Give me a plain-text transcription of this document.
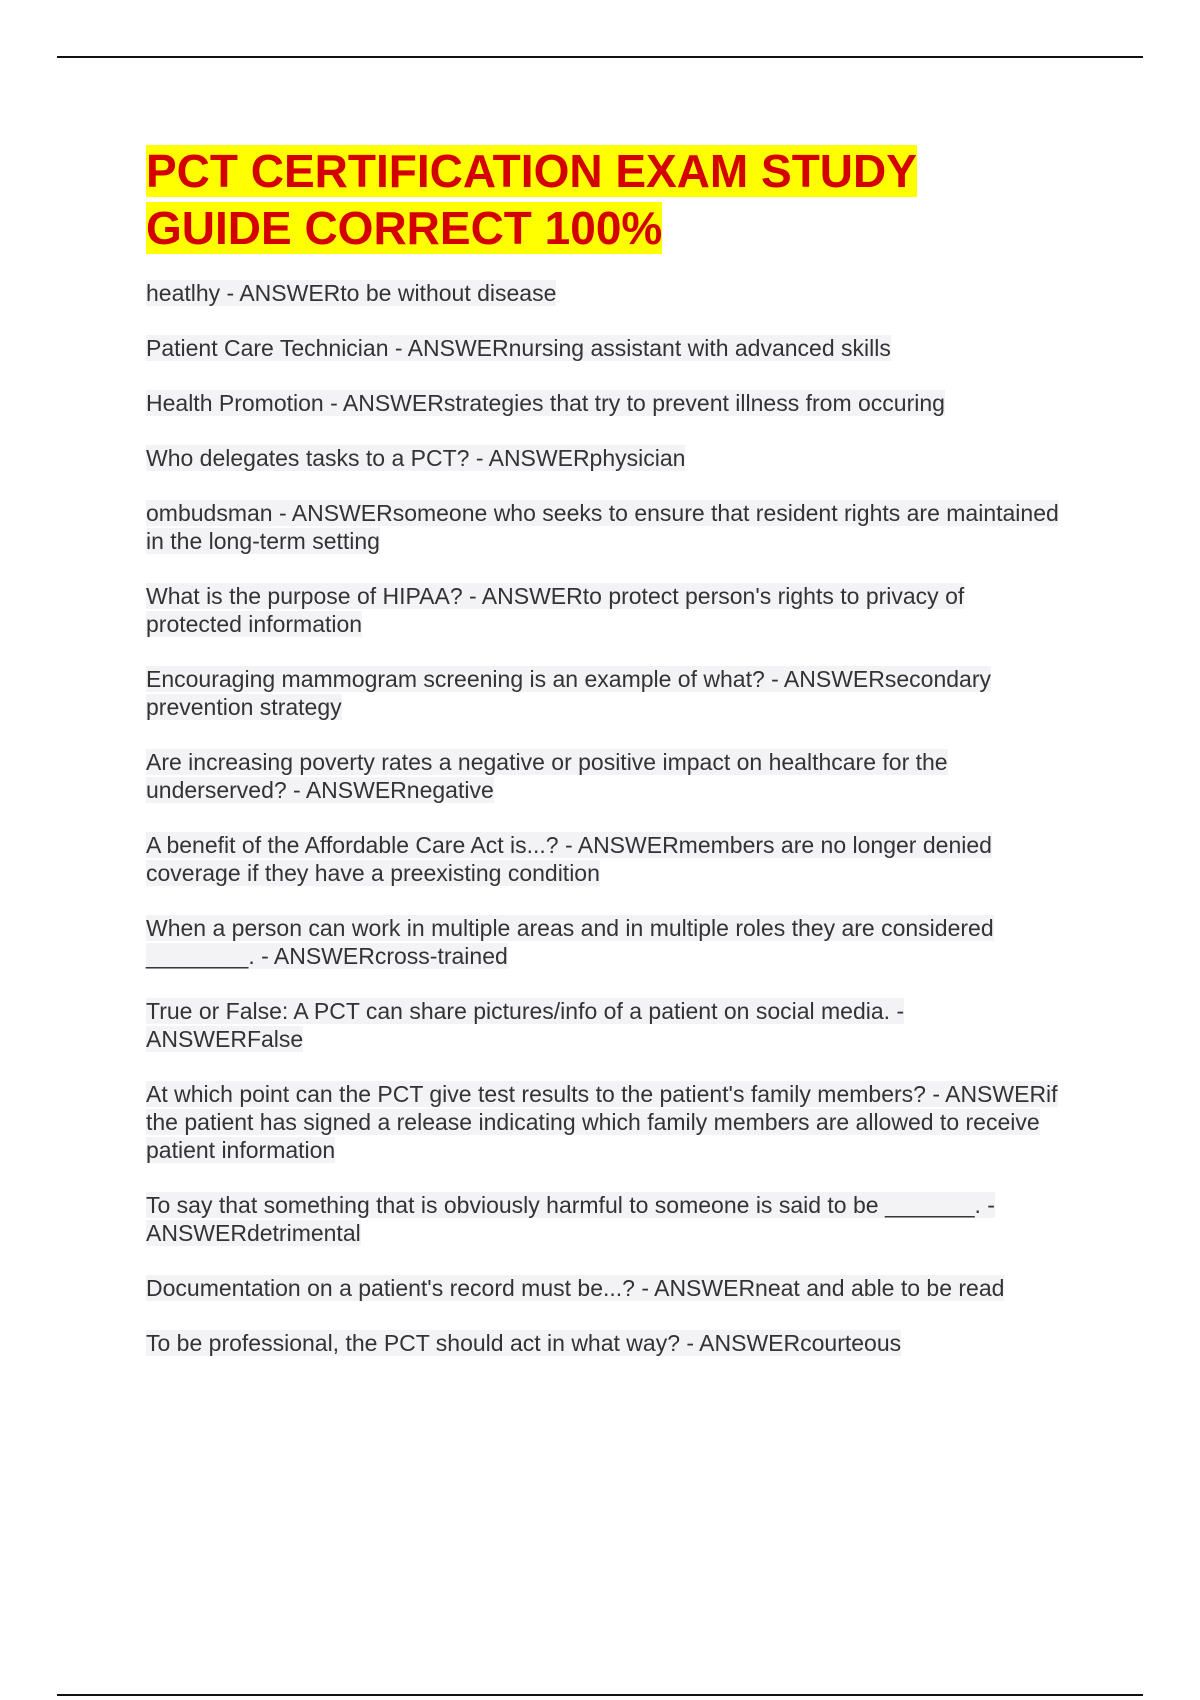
PCT CERTIFICATION EXAM STUDY GUIDE CORRECT 100%

heatlhy - ANSWERto be without disease

Patient Care Technician - ANSWERnursing assistant with advanced skills

Health Promotion - ANSWERstrategies that try to prevent illness from occuring

Who delegates tasks to a PCT? - ANSWERphysician

ombudsman - ANSWERsomeone who seeks to ensure that resident rights are maintained in the long-term setting

What is the purpose of HIPAA? - ANSWERto protect person's rights to privacy of protected information

Encouraging mammogram screening is an example of what? - ANSWERsecondary prevention strategy

Are increasing poverty rates a negative or positive impact on healthcare for the underserved? - ANSWERnegative

A benefit of the Affordable Care Act is...? - ANSWERmembers are no longer denied coverage if they have a preexisting condition

When a person can work in multiple areas and in multiple roles they are considered ________. - ANSWERcross-trained

True or False: A PCT can share pictures/info of a patient on social media. - ANSWERFalse

At which point can the PCT give test results to the patient's family members? - ANSWERif the patient has signed a release indicating which family members are allowed to receive patient information

To say that something that is obviously harmful to someone is said to be _______. - ANSWERdetrimental

Documentation on a patient's record must be...? - ANSWERneat and able to be read

To be professional, the PCT should act in what way? - ANSWERcourteous
